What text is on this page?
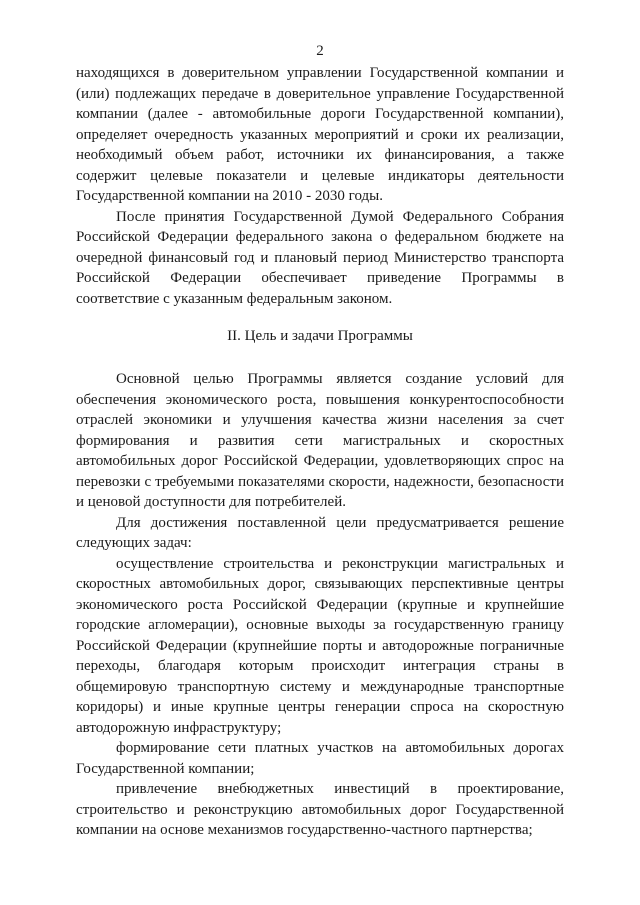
2

находящихся в доверительном управлении Государственной компании и (или) подлежащих передаче в доверительное управление Государственной компании (далее - автомобильные дороги Государственной компании), определяет очередность указанных мероприятий и сроки их реализации, необходимый объем работ, источники их финансирования, а также содержит целевые показатели и целевые индикаторы деятельности Государственной компании на 2010 - 2030 годы.

После принятия Государственной Думой Федерального Собрания Российской Федерации федерального закона о федеральном бюджете на очередной финансовый год и плановый период Министерство транспорта Российской Федерации обеспечивает приведение Программы в соответствие с указанным федеральным законом.

II. Цель и задачи Программы

Основной целью Программы является создание условий для обеспечения экономического роста, повышения конкурентоспособности отраслей экономики и улучшения качества жизни населения за счет формирования и развития сети магистральных и скоростных автомобильных дорог Российской Федерации, удовлетворяющих спрос на перевозки с требуемыми показателями скорости, надежности, безопасности и ценовой доступности для потребителей.

Для достижения поставленной цели предусматривается решение следующих задач:

осуществление строительства и реконструкции магистральных и скоростных автомобильных дорог, связывающих перспективные центры экономического роста Российской Федерации (крупные и крупнейшие городские агломерации), основные выходы за государственную границу Российской Федерации (крупнейшие порты и автодорожные пограничные переходы, благодаря которым происходит интеграция страны в общемировую транспортную систему и международные транспортные коридоры) и иные крупные центры генерации спроса на скоростную автодорожную инфраструктуру;

формирование сети платных участков на автомобильных дорогах Государственной компании;

привлечение внебюджетных инвестиций в проектирование, строительство и реконструкцию автомобильных дорог Государственной компании на основе механизмов государственно-частного партнерства;
